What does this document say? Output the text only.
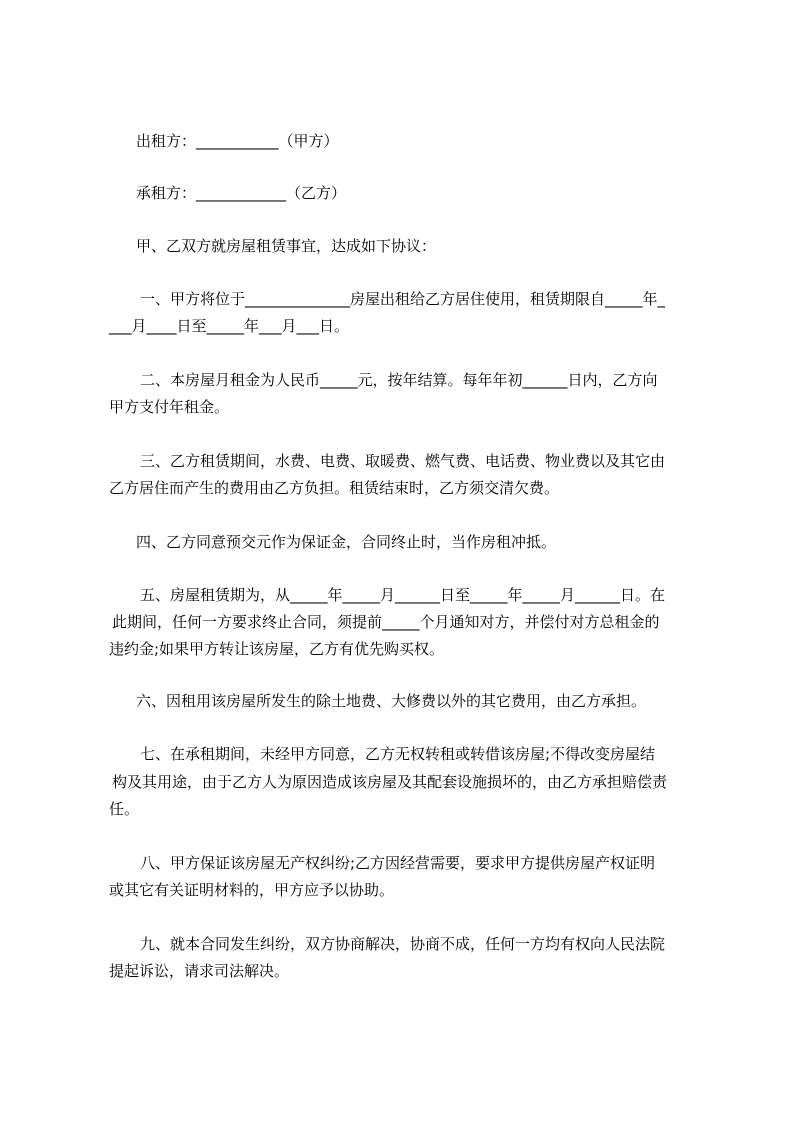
出租方：___________（甲方）
承租方：____________（乙方）
甲、乙双方就房屋租赁事宜，达成如下协议：
一、甲方将位于______________房屋出租给乙方居住使用，租赁期限自_____年_
___月____日至_____年___月___日。
二、本房屋月租金为人民币_____元，按年结算。每年年初______日内，乙方向
甲方支付年租金。
三、乙方租赁期间，水费、电费、取暖费、燃气费、电话费、物业费以及其它由
乙方居住而产生的费用由乙方负担。租赁结束时，乙方须交清欠费。
四、乙方同意预交元作为保证金，合同终止时，当作房租冲抵。
五、房屋租赁期为，从_____年_____月______日至_____年_____月______日。在
此期间，任何一方要求终止合同，须提前_____个月通知对方，并偿付对方总租金的
违约金;如果甲方转让该房屋，乙方有优先购买权。
六、因租用该房屋所发生的除土地费、大修费以外的其它费用，由乙方承担。
七、在承租期间，未经甲方同意，乙方无权转租或转借该房屋;不得改变房屋结
构及其用途，由于乙方人为原因造成该房屋及其配套设施损坏的，由乙方承担赔偿责
任。
八、甲方保证该房屋无产权纠纷;乙方因经营需要，要求甲方提供房屋产权证明
或其它有关证明材料的，甲方应予以协助。
九、就本合同发生纠纷，双方协商解决，协商不成，任何一方均有权向人民法院
提起诉讼，请求司法解决。
